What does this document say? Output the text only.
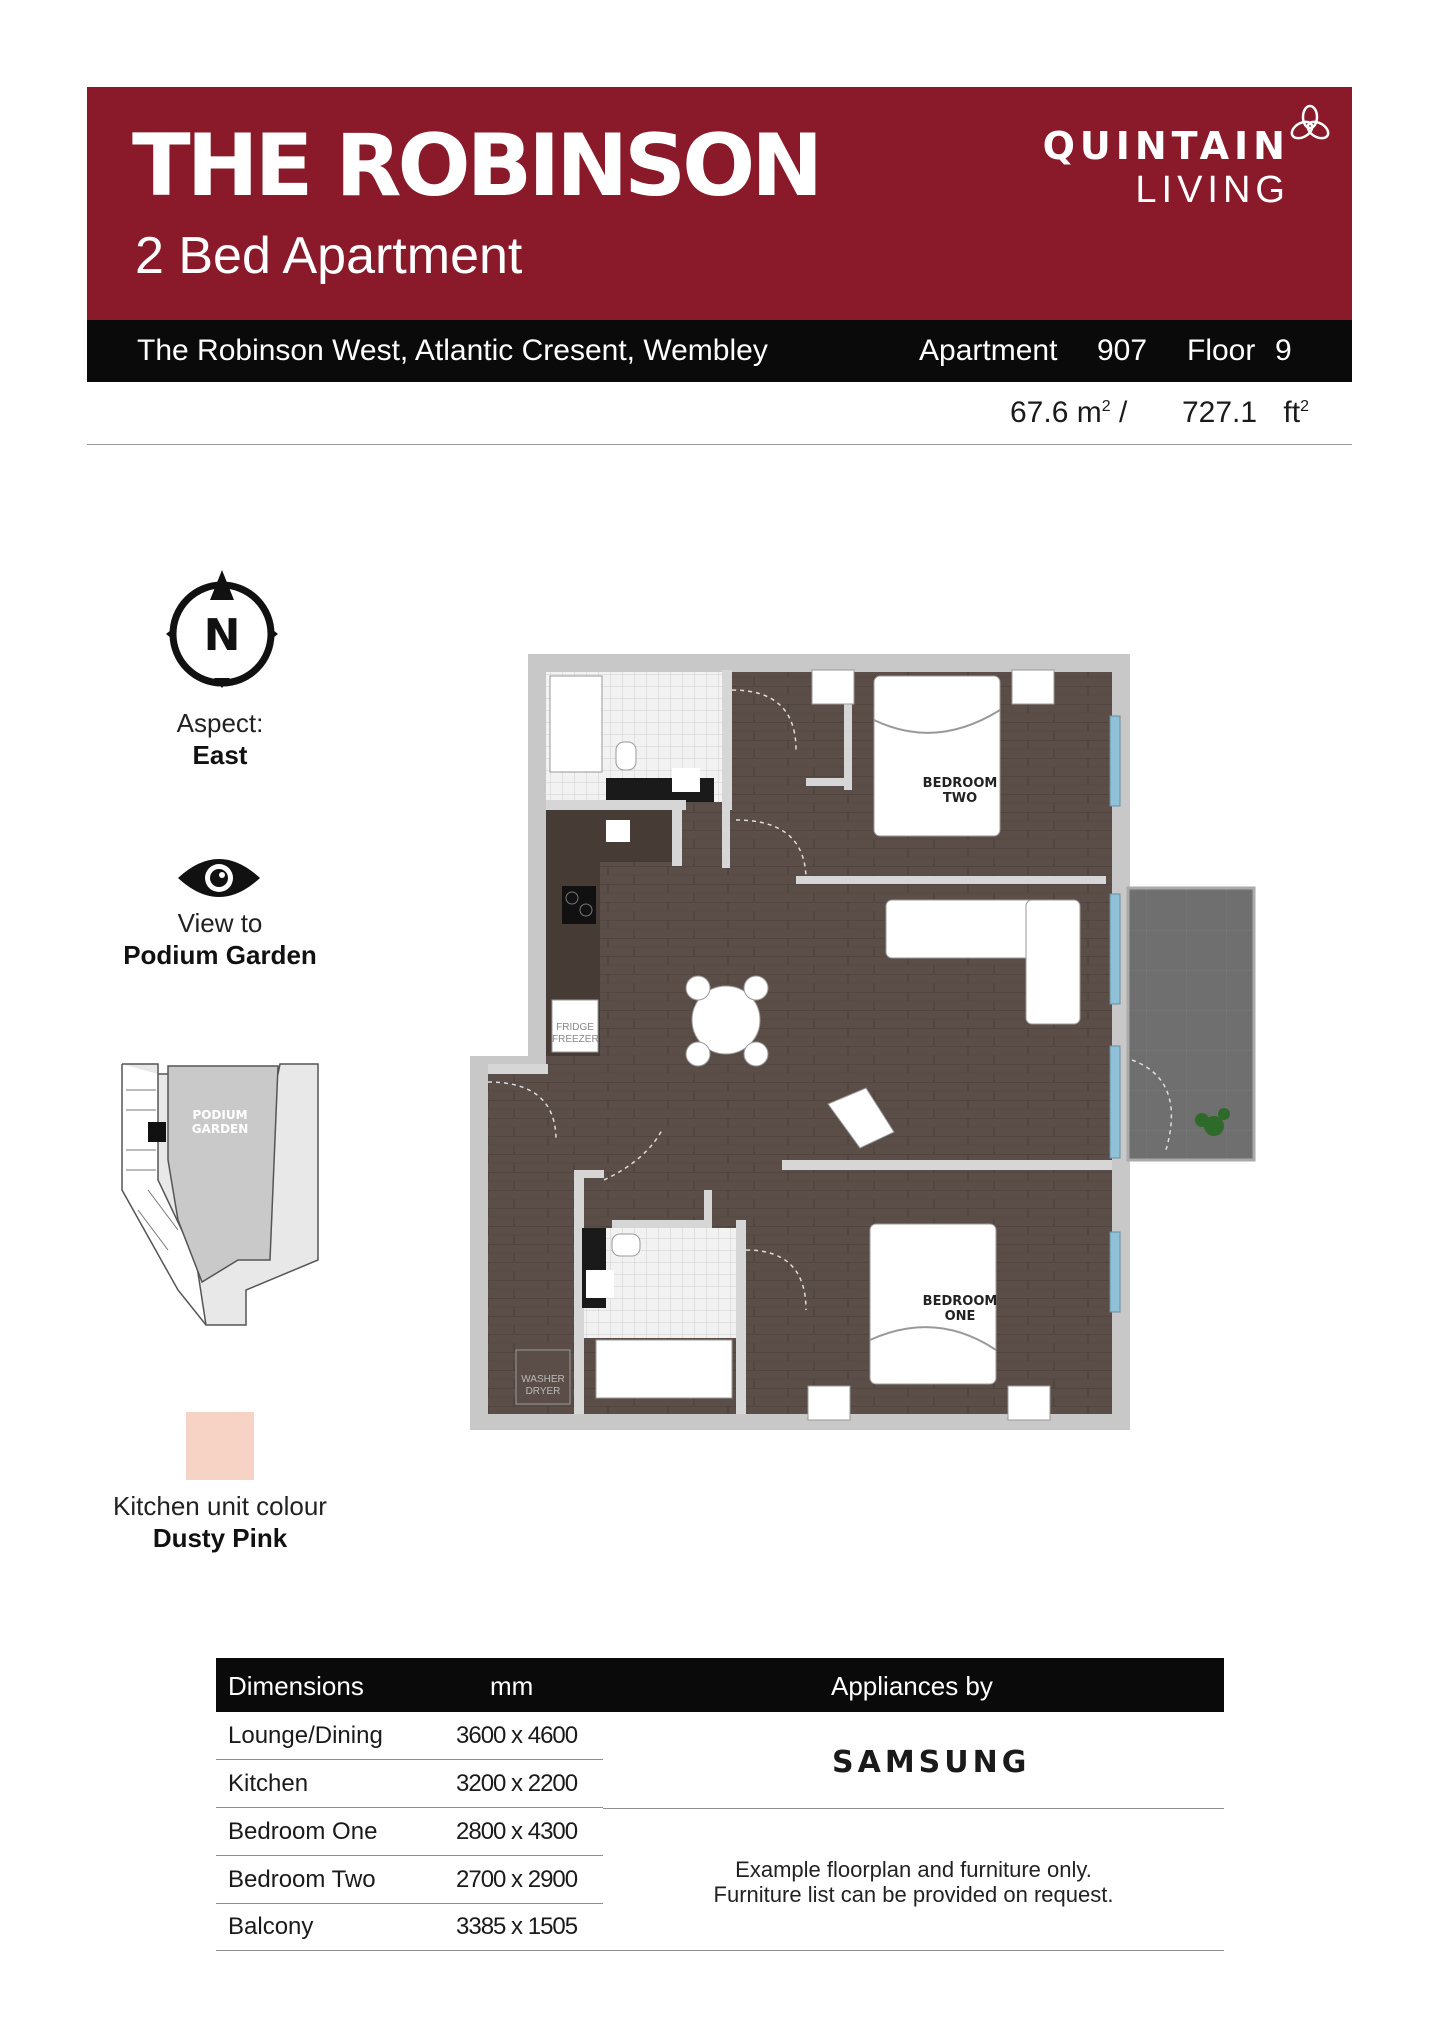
THE ROBINSON
2 Bed Apartment
QUINTAIN
LIVING
The Robinson West, Atlantic Cresent, Wembley	Apartment 907 Floor 9
67.6 $m^2 / 727.1$ $ft^2$
N
Aspect:
East
View to
Podium Garden
PODIUM
GARDEN
Kitchen unit colour
Dusty Pink
BEDROOM
TWO
BEDROOM
ONE
FRIDGE
FREEZER
WASHER
DRYER
Dimensions	mm	Appliances by
Lounge/Dining	3600 x 4600
Kitchen	3200 x 2200
Bedroom One	2800 x 4300
Bedroom Two	2700 x 2900
Balcony	3385 x 1505
SAMSUNG
Example floorplan and furniture only.
Furniture list can be provided on request.
